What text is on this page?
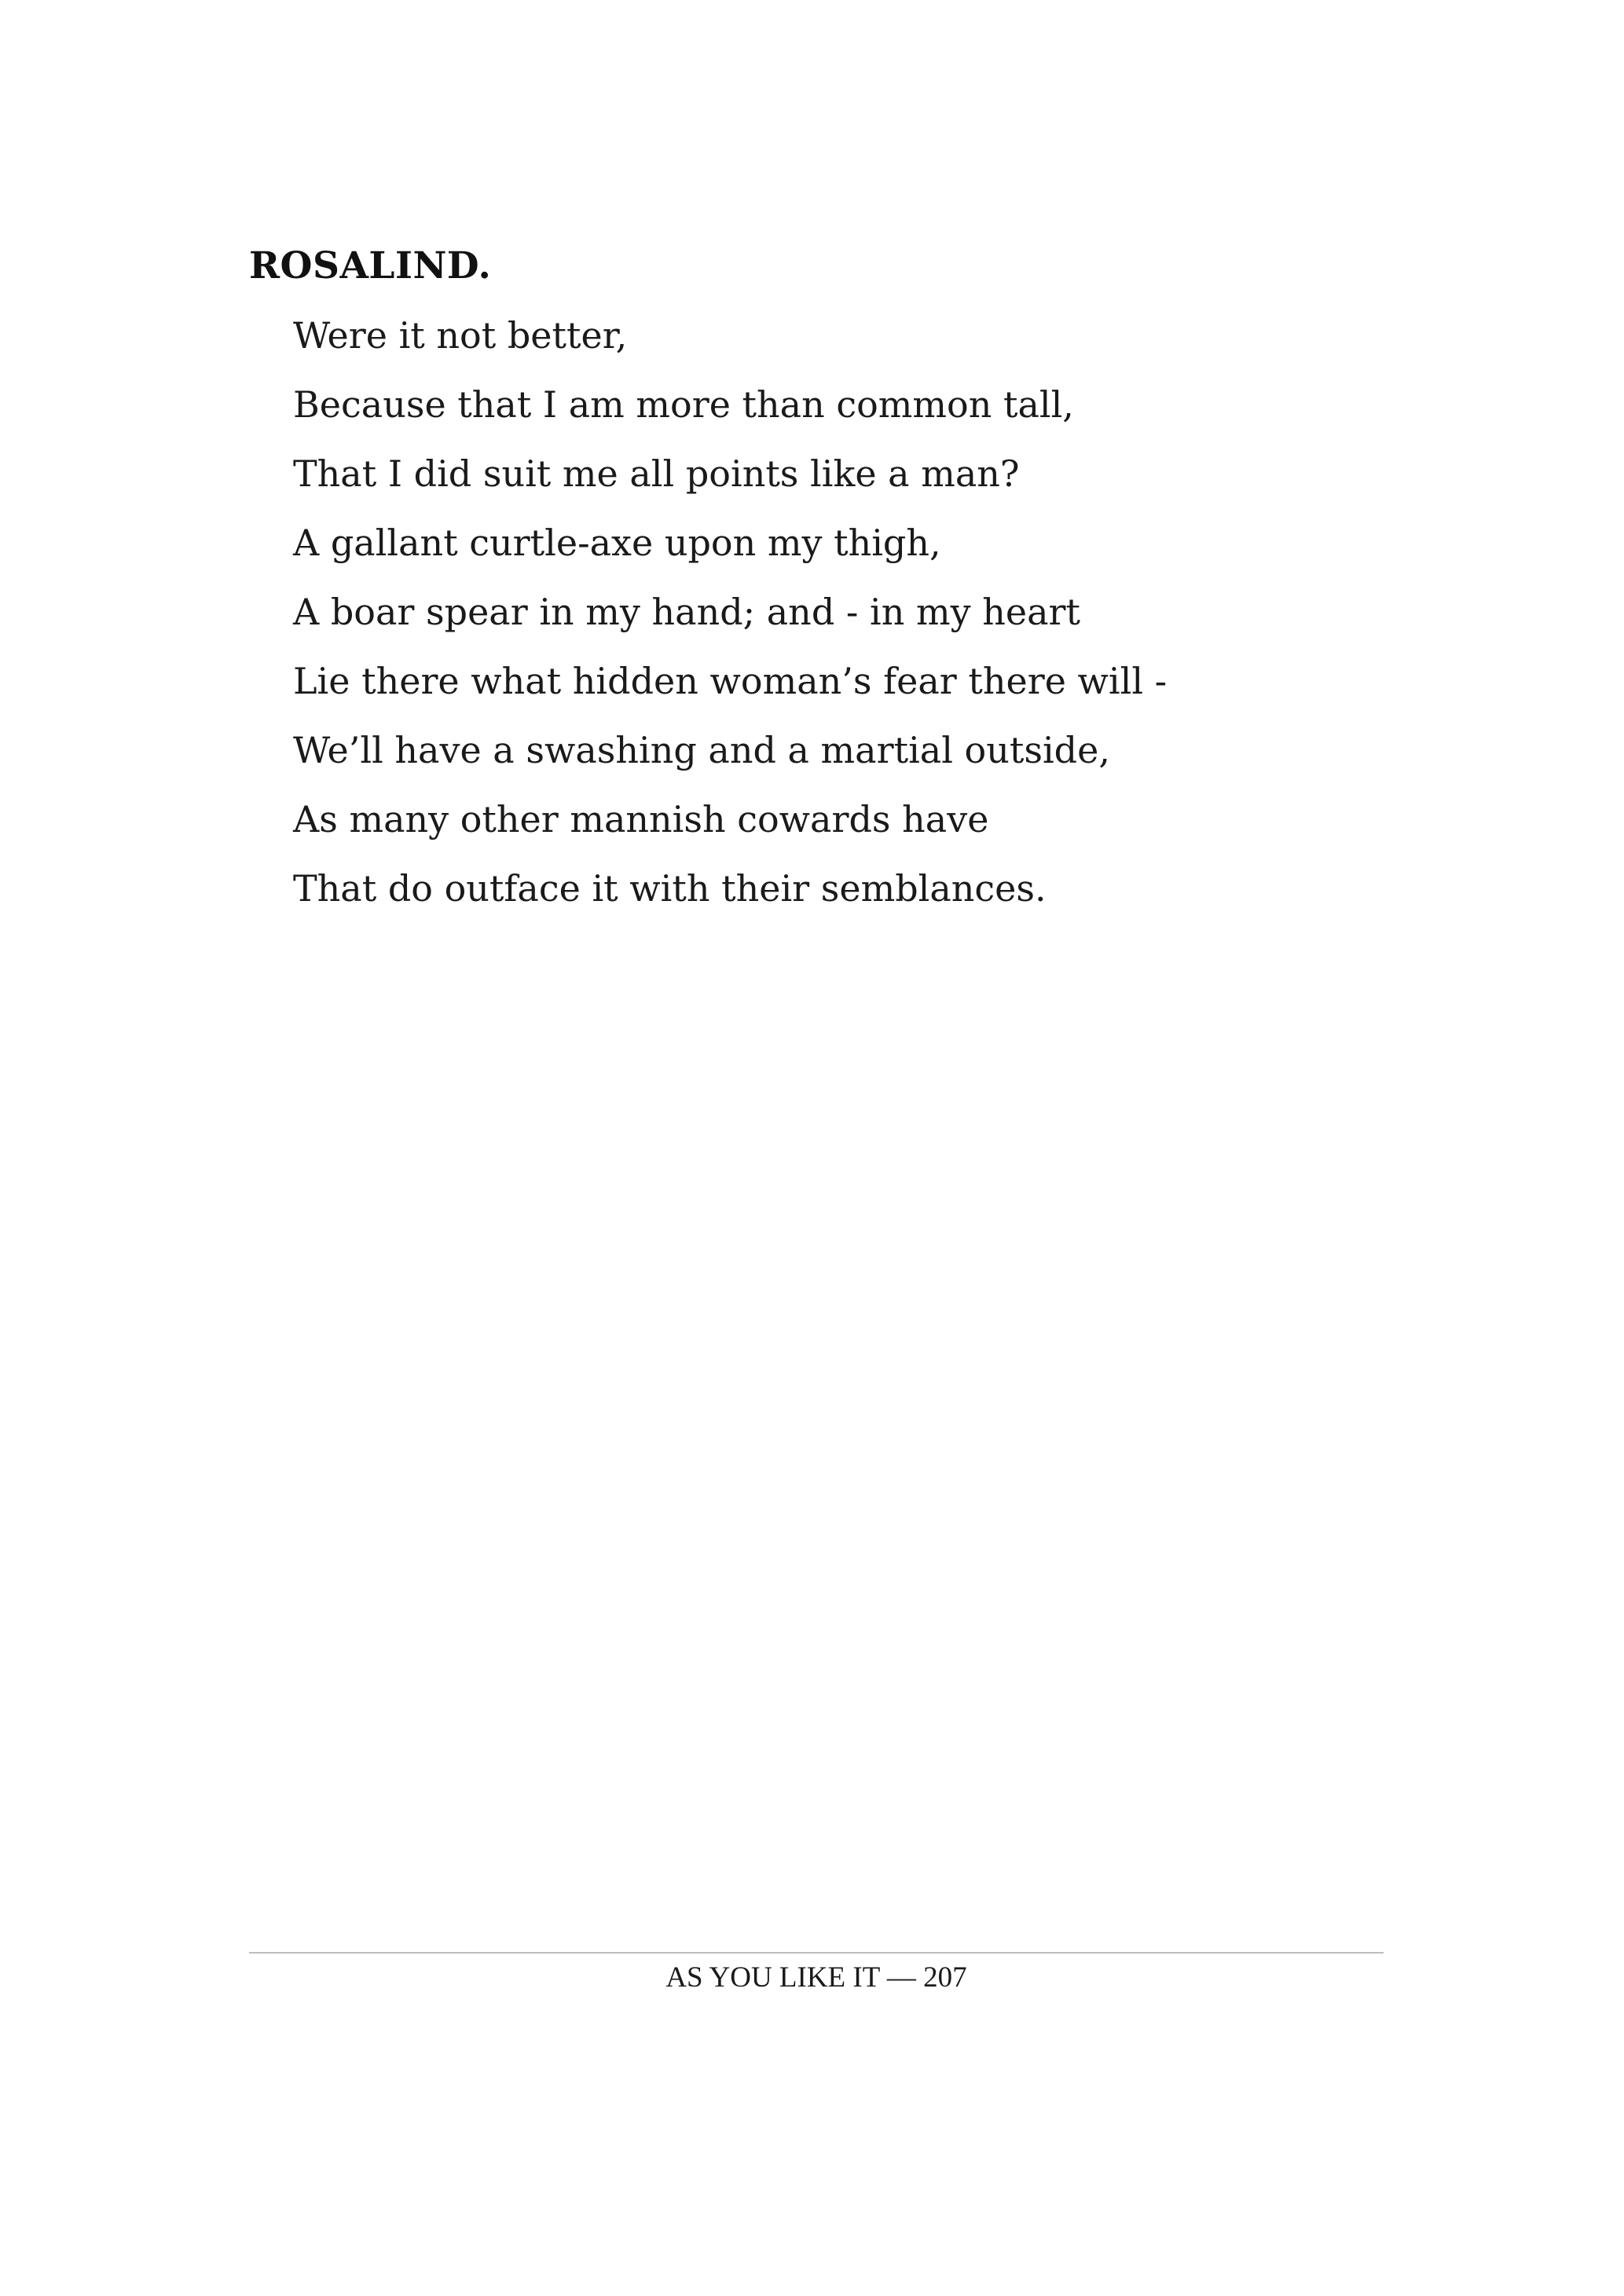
ROSALIND.
Were it not better,
Because that I am more than common tall,
That I did suit me all points like a man?
A gallant curtle-axe upon my thigh,
A boar spear in my hand; and - in my heart
Lie there what hidden woman’s fear there will -
We’ll have a swashing and a martial outside,
As many other mannish cowards have
That do outface it with their semblances.

AS YOU LIKE IT — 207
